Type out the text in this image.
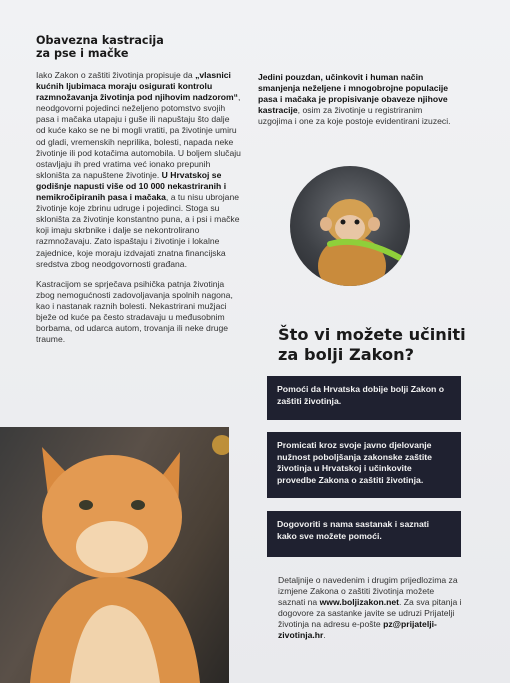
Obavezna kastracija
za pse i mačke
Iako Zakon o zaštiti životinja propisuje da „vlasnici kućnih ljubimaca moraju osigurati kontrolu razmnožavanja životinja pod njihovim nadzorom“, neodgovorni pojedinci neželjeno potomstvo svojih pasa i mačaka utapaju i guše ili napuštaju što dalje od kuće kako se ne bi mogli vratiti, pa životinje umiru od gladi, vremenskih neprilika, bolesti, napada neke životinje ili pod kotačima automobila. U boljem slučaju ostavljaju ih pred vratima već ionako prepunih skloništa za napuštene životinje. U Hrvatskoj se godišnje napusti više od 10 000 nekastriranih i nemikročipiranih pasa i mačaka, a tu nisu ubrojane životinje koje zbrinu udruge i pojedinci. Stoga su skloništa za životinje konstantno puna, a i psi i mačke koji imaju skrbnike i dalje se nekontrolirano razmnožavaju. Zato ispaštaju i životinje i lokalne zajednice, koje moraju izdvajati znatna financijska sredstva zbog neodgovornosti građana.
Kastracijom se sprječava psihička patnja životinja zbog nemogućnosti zadovoljavanja spolnih nagona, kao i nastanak raznih bolesti. Nekastrirani mužjaci bježe od kuće pa često stradavaju u međusobnim borbama, od udarca autom, trovanja ili neke druge traume.
Jedini pouzdan, učinkovit i human način smanjenja neželjene i mnogobrojne populacije pasa i mačaka je propisivanje obaveze njihove kastracije, osim za životinje u registriranim uzgojima i one za koje postoje evidentirani izuzeci.
Što vi možete učiniti za bolji Zakon?
Pomoći da Hrvatska dobije bolji Zakon o zaštiti životinja.
Promicati kroz svoje javno djelovanje nužnost poboljšanja zakonske zaštite životinja u Hrvatskoj i učinkovite provedbe Zakona o zaštiti životinja.
Dogovoriti s nama sastanak i saznati kako sve možete pomoći.
Detaljnije o navedenim i drugim prijedlozima za izmjene Zakona o zaštiti životinja možete saznati na www.boljizakon.net. Za sva pitanja i dogovore za sastanke javite se udruzi Prijatelji životinja na adresu e-pošte pz@prijatelji-zivotinja.hr.
